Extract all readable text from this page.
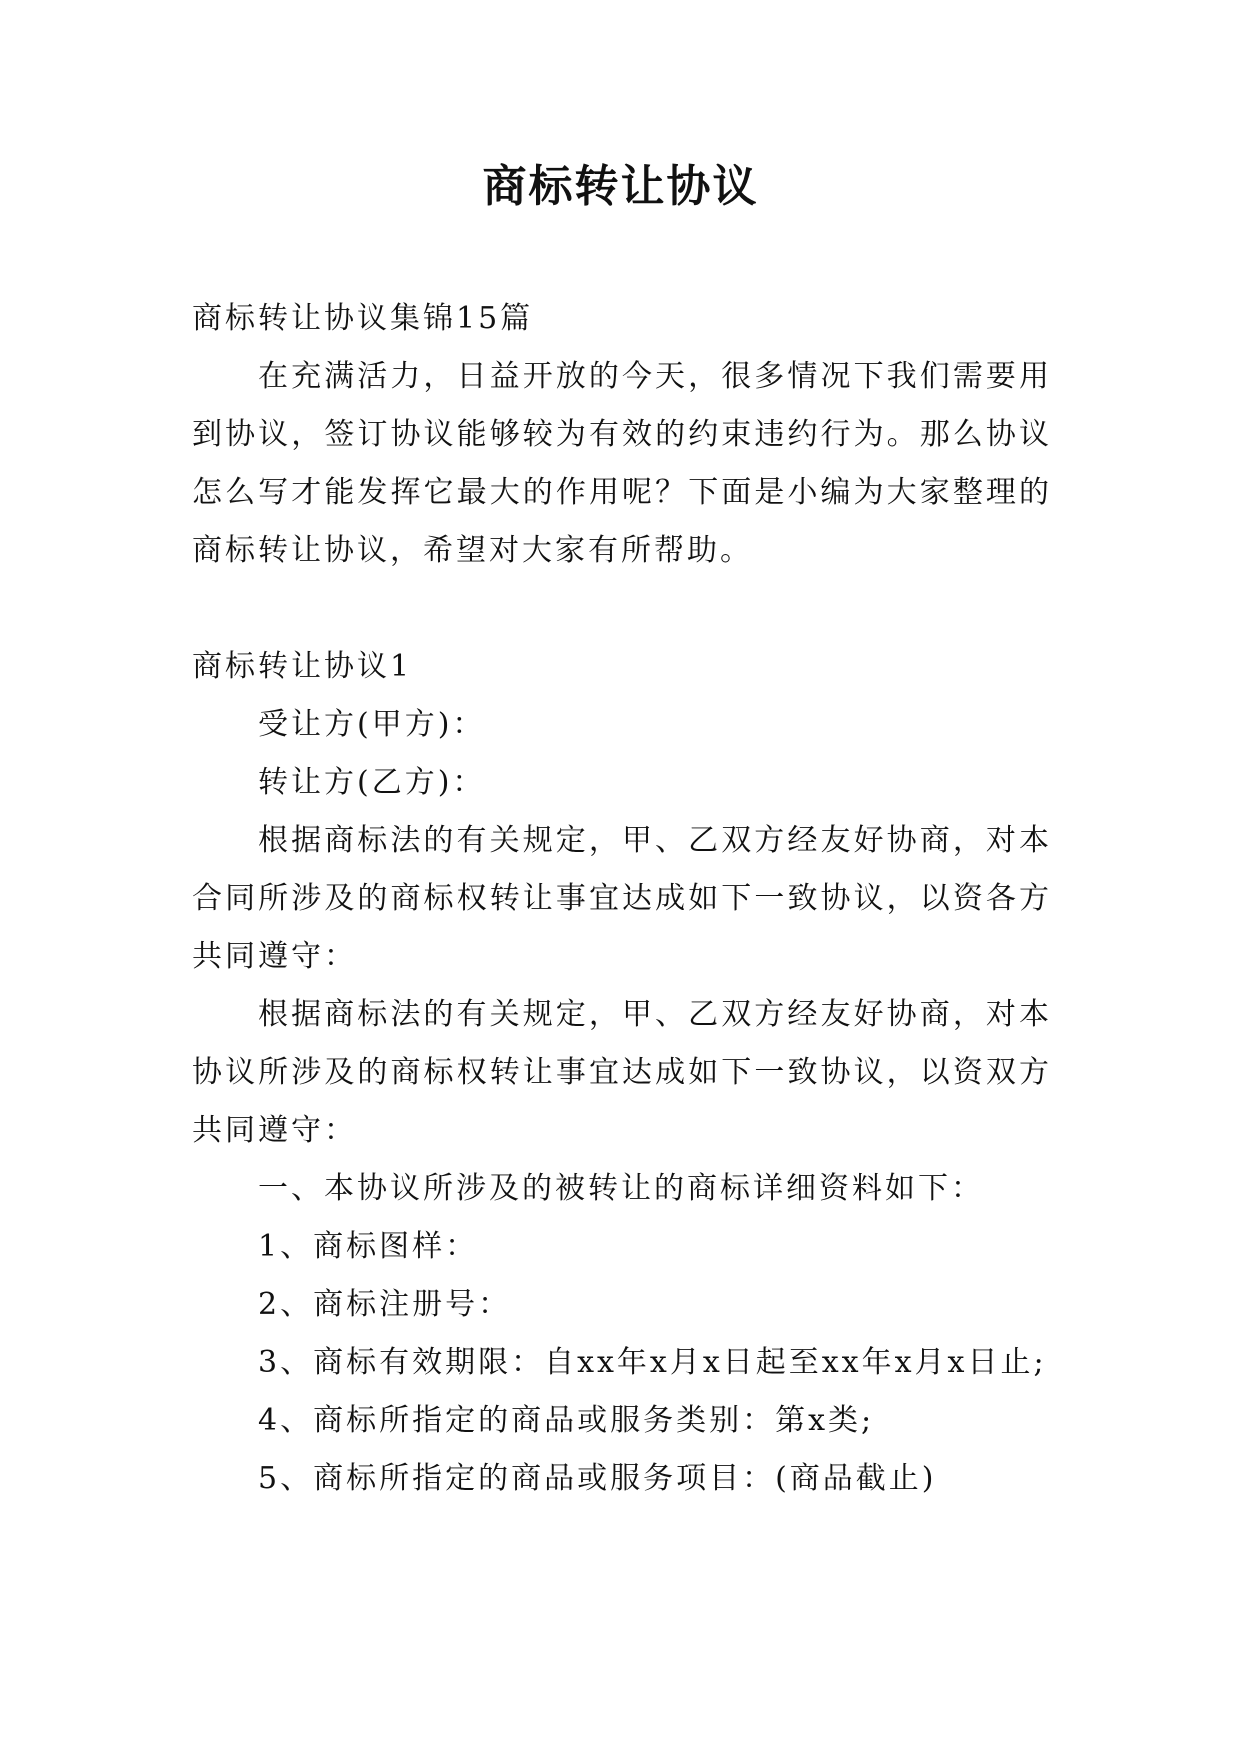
商标转让协议

商标转让协议集锦15篇

在充满活力，日益开放的今天，很多情况下我们需要用到协议，签订协议能够较为有效的约束违约行为。那么协议怎么写才能发挥它最大的作用呢？下面是小编为大家整理的商标转让协议，希望对大家有所帮助。

商标转让协议1

受让方(甲方)：

转让方(乙方)：

根据商标法的有关规定，甲、乙双方经友好协商，对本合同所涉及的商标权转让事宜达成如下一致协议，以资各方共同遵守：

根据商标法的有关规定，甲、乙双方经友好协商，对本协议所涉及的商标权转让事宜达成如下一致协议，以资双方共同遵守：

一、本协议所涉及的被转让的商标详细资料如下：

1、商标图样：

2、商标注册号：

3、商标有效期限：自xx年x月x日起至xx年x月x日止;

4、商标所指定的商品或服务类别：第x类;

5、商标所指定的商品或服务项目：(商品截止)
